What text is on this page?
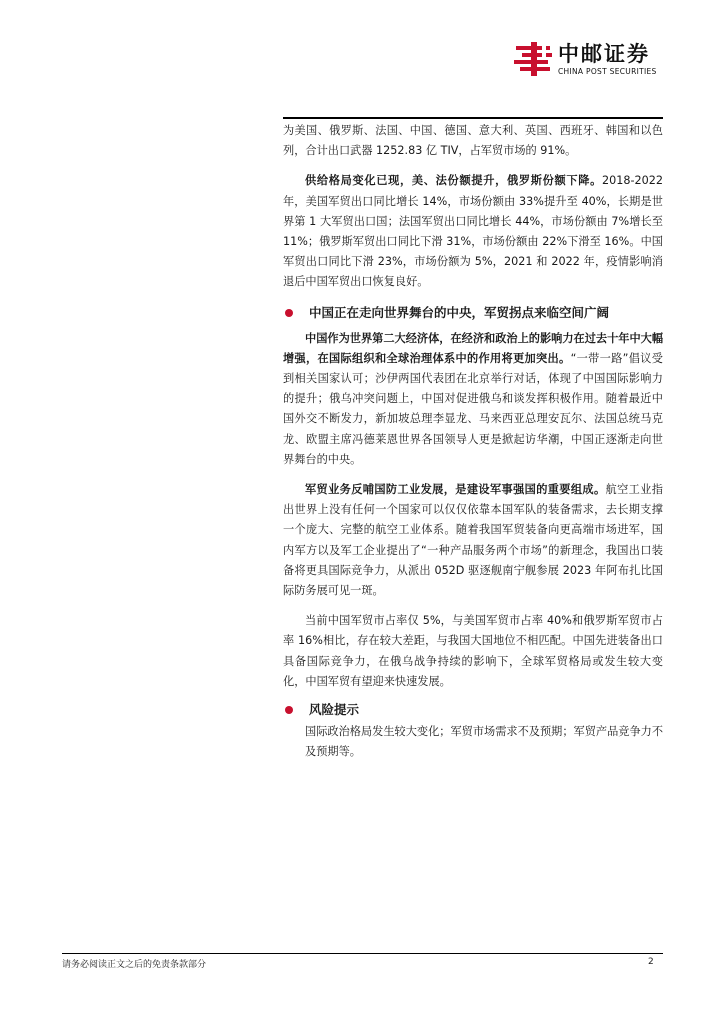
中邮证券
CHINA POST SECURITIES

为美国、俄罗斯、法国、中国、德国、意大利、英国、西班牙、韩国和以色列，合计出口武器 1252.83 亿 TIV，占军贸市场的 91%。

供给格局变化已现，美、法份额提升，俄罗斯份额下降。2018-2022 年，美国军贸出口同比增长 14%，市场份额由 33%提升至 40%，长期是世界第 1 大军贸出口国；法国军贸出口同比增长 44%，市场份额由 7%增长至 11%；俄罗斯军贸出口同比下滑 31%，市场份额由 22%下滑至 16%。中国军贸出口同比下滑 23%，市场份额为 5%，2021 和 2022 年，疫情影响消退后中国军贸出口恢复良好。

中国正在走向世界舞台的中央，军贸拐点来临空间广阔

中国作为世界第二大经济体，在经济和政治上的影响力在过去十年中大幅增强，在国际组织和全球治理体系中的作用将更加突出。“一带一路”倡议受到相关国家认可；沙伊两国代表团在北京举行对话，体现了中国国际影响力的提升；俄乌冲突问题上，中国对促进俄乌和谈发挥积极作用。随着最近中国外交不断发力，新加坡总理李显龙、马来西亚总理安瓦尔、法国总统马克龙、欧盟主席冯德莱恩世界各国领导人更是掀起访华潮，中国正逐渐走向世界舞台的中央。

军贸业务反哺国防工业发展，是建设军事强国的重要组成。航空工业指出世界上没有任何一个国家可以仅仅依靠本国军队的装备需求，去长期支撑一个庞大、完整的航空工业体系。随着我国军贸装备向更高端市场进军，国内军方以及军工企业提出了“一种产品服务两个市场”的新理念，我国出口装备将更具国际竞争力，从派出 052D 驱逐舰南宁舰参展 2023 年阿布扎比国际防务展可见一斑。

当前中国军贸市占率仅 5%，与美国军贸市占率 40%和俄罗斯军贸市占率 16%相比，存在较大差距，与我国大国地位不相匹配。中国先进装备出口具备国际竞争力，在俄乌战争持续的影响下，全球军贸格局或发生较大变化，中国军贸有望迎来快速发展。

风险提示

国际政治格局发生较大变化；军贸市场需求不及预期；军贸产品竞争力不及预期等。

请务必阅读正文之后的免责条款部分	2
